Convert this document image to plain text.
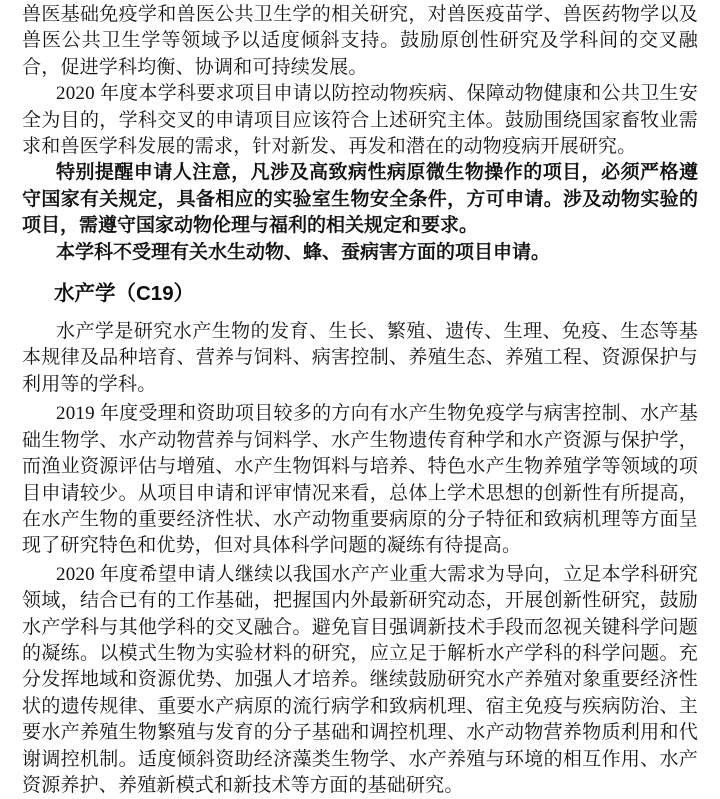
兽医基础免疫学和兽医公共卫生学的相关研究，对兽医疫苗学、兽医药物学以及兽医公共卫生学等领域予以适度倾斜支持。鼓励原创性研究及学科间的交叉融合，促进学科均衡、协调和可持续发展。

2020 年度本学科要求项目申请以防控动物疾病、保障动物健康和公共卫生安全为目的，学科交叉的申请项目应该符合上述研究主体。鼓励围绕国家畜牧业需求和兽医学科发展的需求，针对新发、再发和潜在的动物疫病开展研究。

特别提醒申请人注意，凡涉及高致病性病原微生物操作的项目，必须严格遵守国家有关规定，具备相应的实验室生物安全条件，方可申请。涉及动物实验的项目，需遵守国家动物伦理与福利的相关规定和要求。

本学科不受理有关水生动物、蜂、蚕病害方面的项目申请。

水产学（C19）

水产学是研究水产生物的发育、生长、繁殖、遗传、生理、免疫、生态等基本规律及品种培育、营养与饲料、病害控制、养殖生态、养殖工程、资源保护与利用等的学科。

2019 年度受理和资助项目较多的方向有水产生物免疫学与病害控制、水产基础生物学、水产动物营养与饲料学、水产生物遗传育种学和水产资源与保护学，而渔业资源评估与增殖、水产生物饵料与培养、特色水产生物养殖学等领域的项目申请较少。从项目申请和评审情况来看，总体上学术思想的创新性有所提高，在水产生物的重要经济性状、水产动物重要病原的分子特征和致病机理等方面呈现了研究特色和优势，但对具体科学问题的凝练有待提高。

2020 年度希望申请人继续以我国水产产业重大需求为导向，立足本学科研究领域，结合已有的工作基础，把握国内外最新研究动态，开展创新性研究，鼓励水产学科与其他学科的交叉融合。避免盲目强调新技术手段而忽视关键科学问题的凝练。以模式生物为实验材料的研究，应立足于解析水产学科的科学问题。充分发挥地域和资源优势、加强人才培养。继续鼓励研究水产养殖对象重要经济性状的遗传规律、重要水产病原的流行病学和致病机理、宿主免疫与疾病防治、主要水产养殖生物繁殖与发育的分子基础和调控机理、水产动物营养物质利用和代谢调控机制。适度倾斜资助经济藻类生物学、水产养殖与环境的相互作用、水产资源养护、养殖新模式和新技术等方面的基础研究。
